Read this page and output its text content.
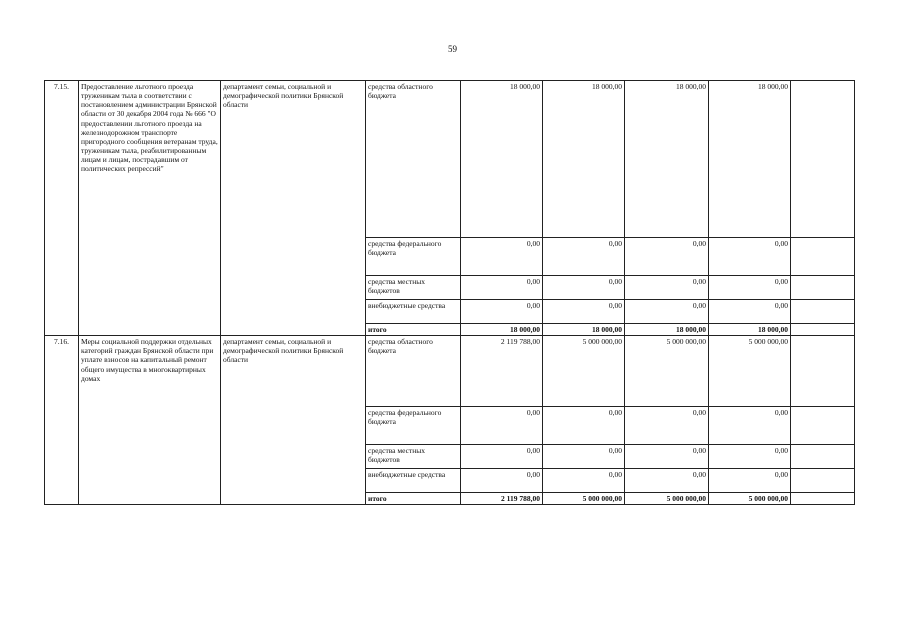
59
7.15.	Предоставление льготного проезда труженикам тыла в соответствии с постановлением администрации Брянской области от 30 декабря 2004 года № 666 "О предоставлении льготного проезда на железнодорожном транспорте пригородного сообщения ветеранам труда, труженикам тыла, реабилитированным лицам и лицам, пострадавшим от политических репрессий"	департамент семьи, социальной и демографической политики Брянской области	средства областного бюджета	18 000,00	18 000,00	18 000,00	18 000,00	
			средства федерального бюджета	0,00	0,00	0,00	0,00	
			средства местных бюджетов	0,00	0,00	0,00	0,00	
			внебюджетные средства	0,00	0,00	0,00	0,00	
			итого	18 000,00	18 000,00	18 000,00	18 000,00	
7.16.	Меры социальной поддержки отдельных категорий граждан Брянской области при уплате взносов на капитальный ремонт общего имущества в многоквартирных домах	департамент семьи, социальной и демографической политики Брянской области	средства областного бюджета	2 119 788,00	5 000 000,00	5 000 000,00	5 000 000,00	
			средства федерального бюджета	0,00	0,00	0,00	0,00	
			средства местных бюджетов	0,00	0,00	0,00	0,00	
			внебюджетные средства	0,00	0,00	0,00	0,00	
			итого	2 119 788,00	5 000 000,00	5 000 000,00	5 000 000,00	
